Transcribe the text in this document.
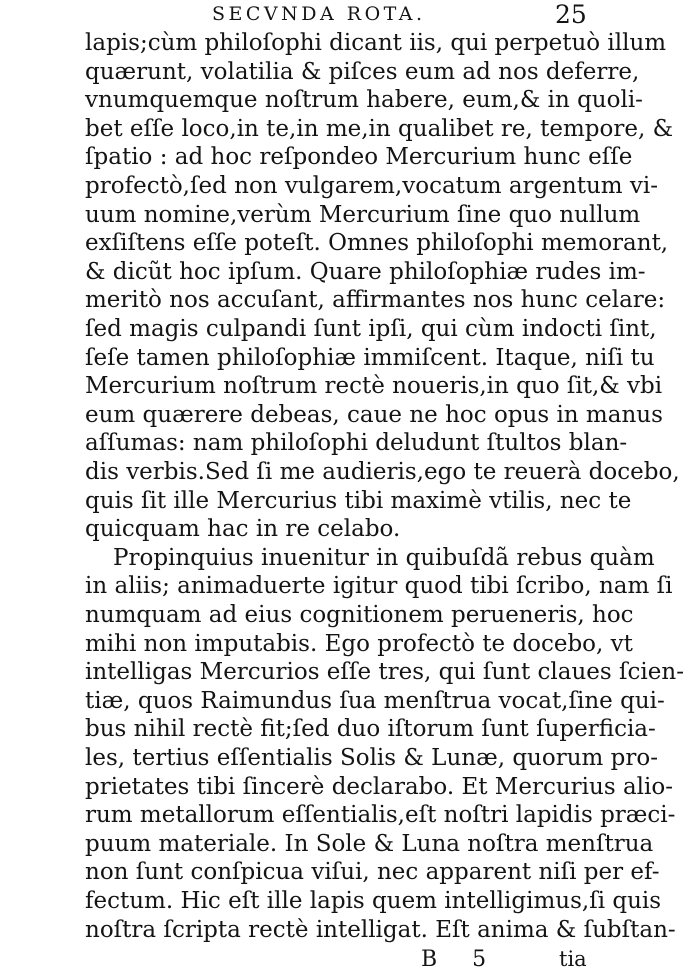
SECVNDA ROTA.	25
lapis;cùm philoſophi dicant iis, qui perpetuò illum
quærunt, volatilia & piſces eum ad nos deferre,
vnumquemque noſtrum habere, eum,& in quoli-
bet eſſe loco,in te,in me,in qualibet re, tempore, &
ſpatio : ad hoc reſpondeo Mercurium hunc eſſe
profectò,ſed non vulgarem,vocatum argentum vi-
uum nomine,verùm Mercurium ſine quo nullum
exſiſtens eſſe poteſt. Omnes philoſophi memorant,
& dicũt hoc ipſum. Quare philoſophiæ rudes im-
meritò nos accuſant, affirmantes nos hunc celare:
ſed magis culpandi ſunt ipſi, qui cùm indocti ſint,
ſeſe tamen philoſophiæ immiſcent. Itaque, niſi tu
Mercurium noſtrum rectè noueris,in quo ſit,& vbi
eum quærere debeas, caue ne hoc opus in manus
aſſumas: nam philoſophi deludunt ſtultos blan-
dis verbis.Sed ſi me audieris,ego te reuerà docebo,
quis ſit ille Mercurius tibi maximè vtilis, nec te
quicquam hac in re celabo.
Propinquius inuenitur in quibuſdã rebus quàm
in aliis; animaduerte igitur quod tibi ſcribo, nam ſi
numquam ad eius cognitionem perueneris, hoc
mihi non imputabis. Ego profectò te docebo, vt
intelligas Mercurios eſſe tres, qui ſunt claues ſcien-
tiæ, quos Raimundus ſua menſtrua vocat,ſine qui-
bus nihil rectè fit;ſed duo iſtorum ſunt ſuperficia-
les, tertius eſſentialis Solis & Lunæ, quorum pro-
prietates tibi ſincerè declarabo. Et Mercurius alio-
rum metallorum eſſentialis,eſt noſtri lapidis præci-
puum materiale. In Sole & Luna noſtra menſtrua
non ſunt conſpicua viſui, nec apparent niſi per ef-
fectum. Hic eſt ille lapis quem intelligimus,ſi quis
noſtra ſcripta rectè intelligat. Eſt anima & ſubſtan-
B 5	tia
